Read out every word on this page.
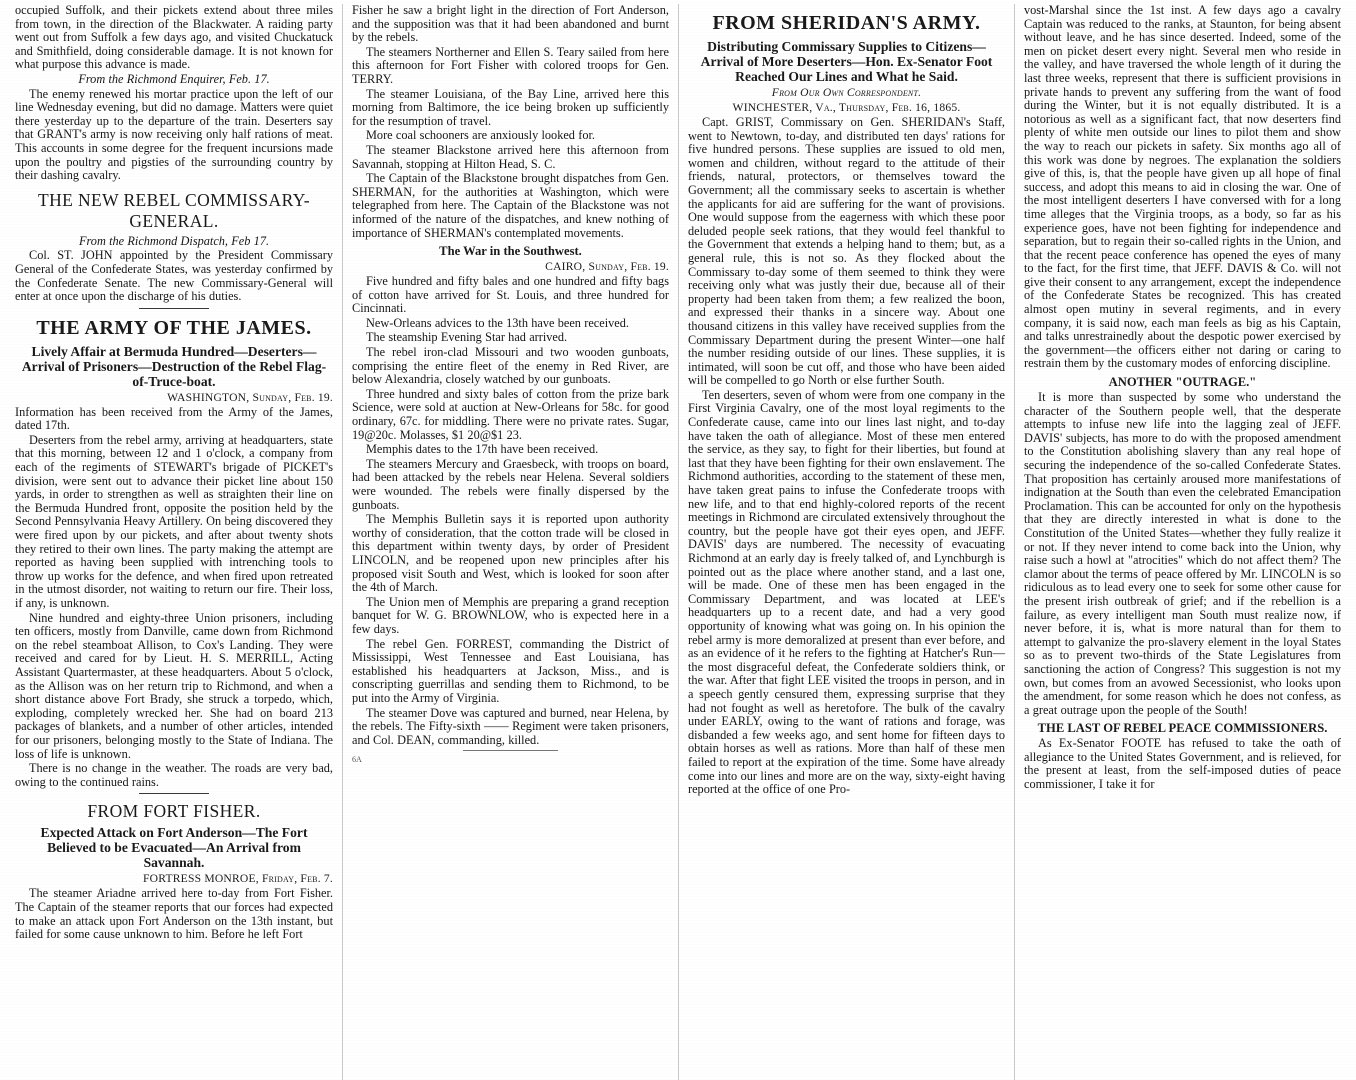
occupied Suffolk, and their pickets extend about three miles from town, in the direction of the Blackwater. A raiding party went out from Suffolk a few days ago, and visited Chuckatuck and Smithfield, doing considerable damage. It is not known for what purpose this advance is made.

From the Richmond Enquirer, Feb. 17.

The enemy renewed his mortar practice upon the left of our line Wednesday evening, but did no damage. Matters were quiet there yesterday up to the departure of the train. Deserters say that GRANT's army is now receiving only half rations of meat. This accounts in some degree for the frequent incursions made upon the poultry and pigsties of the surrounding country by their dashing cavalry.

THE NEW REBEL COMMISSARY-GENERAL.

From the Richmond Dispatch, Feb 17.

Col. ST. JOHN appointed by the President Commissary General of the Confederate States, was yesterday confirmed by the Confederate Senate. The new Commissary-General will enter at once upon the discharge of his duties.

THE ARMY OF THE JAMES.
Lively Affair at Bermuda Hundred—Deserters—Arrival of Prisoners—Destruction of the Rebel Flag-of-Truce-boat.

WASHINGTON, Sunday, Feb. 19.

Information has been received from the Army of the James, dated 17th.

Deserters from the rebel army, arriving at headquarters, state that this morning, between 12 and 1 o'clock, a company from each of the regiments of STEWART's brigade of PICKET's division, were sent out to advance their picket line about 150 yards, in order to strengthen as well as straighten their line on the Bermuda Hundred front, opposite the position held by the Second Pennsylvania Heavy Artillery. On being discovered they were fired upon by our pickets, and after about twenty shots they retired to their own lines. The party making the attempt are reported as having been supplied with intrenching tools to throw up works for the defence, and when fired upon retreated in the utmost disorder, not waiting to return our fire. Their loss, if any, is unknown.

Nine hundred and eighty-three Union prisoners, including ten officers, mostly from Danville, came down from Richmond on the rebel steamboat Allison, to Cox's Landing. They were received and cared for by Lieut. H. S. MERRILL, Acting Assistant Quartermaster, at these headquarters. About 5 o'clock, as the Allison was on her return trip to Richmond, and when a short distance above Fort Brady, she struck a torpedo, which, exploding, completely wrecked her. She had on board 213 packages of blankets, and a number of other articles, intended for our prisoners, belonging mostly to the State of Indiana. The loss of life is unknown.

There is no change in the weather. The roads are very bad, owing to the continued rains.

FROM FORT FISHER.
Expected Attack on Fort Anderson—The Fort Believed to be Evacuated—An Arrival from Savannah.

FORTRESS MONROE, Friday, Feb. 7.

The steamer Ariadne arrived here to-day from Fort Fisher. The Captain of the steamer reports that our forces had expected to make an attack upon Fort Anderson on the 13th instant, but failed for some cause unknown to him. Before he left Fort

Fisher he saw a bright light in the direction of Fort Anderson, and the supposition was that it had been abandoned and burnt by the rebels.

The steamers Northerner and Ellen S. Teary sailed from here this afternoon for Fort Fisher with colored troops for Gen. TERRY.

The steamer Louisiana, of the Bay Line, arrived here this morning from Baltimore, the ice being broken up sufficiently for the resumption of travel.

More coal schooners are anxiously looked for.

The steamer Blackstone arrived here this afternoon from Savannah, stopping at Hilton Head, S. C.

The Captain of the Blackstone brought dispatches from Gen. SHERMAN, for the authorities at Washington, which were telegraphed from here. The Captain of the Blackstone was not informed of the nature of the dispatches, and knew nothing of importance of SHERMAN's contemplated movements.

The War in the Southwest.

CAIRO, Sunday, Feb. 19.

Five hundred and fifty bales and one hundred and fifty bags of cotton have arrived for St. Louis, and three hundred for Cincinnati.

New-Orleans advices to the 13th have been received.

The steamship Evening Star had arrived.

The rebel iron-clad Missouri and two wooden gunboats, comprising the entire fleet of the enemy in Red River, are below Alexandria, closely watched by our gunboats.

Three hundred and sixty bales of cotton from the prize bark Science, were sold at auction at New-Orleans for 58c. for good ordinary, 67c. for middling. There were no private rates. Sugar, 19@20c. Molasses, $1 20@$1 23.

Memphis dates to the 17th have been received.

The steamers Mercury and Graesbeck, with troops on board, had been attacked by the rebels near Helena. Several soldiers were wounded. The rebels were finally dispersed by the gunboats.

The Memphis Bulletin says it is reported upon authority worthy of consideration, that the cotton trade will be closed in this department within twenty days, by order of President LINCOLN, and be reopened upon new principles after his proposed visit South and West, which is looked for soon after the 4th of March.

The Union men of Memphis are preparing a grand reception banquet for W. G. BROWNLOW, who is expected here in a few days.

The rebel Gen. FORREST, commanding the District of Mississippi, West Tennessee and East Louisiana, has established his headquarters at Jackson, Miss., and is conscripting guerrillas and sending them to Richmond, to be put into the Army of Virginia.

The steamer Dove was captured and burned, near Helena, by the rebels. The Fifty-sixth —— Regiment were taken prisoners, and Col. DEAN, commanding, killed.

6A
FROM SHERIDAN'S ARMY.
Distributing Commissary Supplies to Citizens—Arrival of More Deserters—Hon. Ex-Senator Foot Reached Our Lines and What he Said.

From Our Own Correspondent.

WINCHESTER, Va., Thursday, Feb. 16, 1865.

Capt. GRIST, Commissary on Gen. SHERIDAN's Staff, went to Newtown, to-day, and distributed ten days' rations for five hundred persons. These supplies are issued to old men, women and children, without regard to the attitude of their friends, natural, protectors, or themselves toward the Government; all the commissary seeks to ascertain is whether the applicants for aid are suffering for the want of provisions. One would suppose from the eagerness with which these poor deluded people seek rations, that they would feel thankful to the Government that extends a helping hand to them; but, as a general rule, this is not so. As they flocked about the Commissary to-day some of them seemed to think they were receiving only what was justly their due, because all of their property had been taken from them; a few realized the boon, and expressed their thanks in a sincere way. About one thousand citizens in this valley have received supplies from the Commissary Department during the present Winter—one half the number residing outside of our lines. These supplies, it is intimated, will soon be cut off, and those who have been aided will be compelled to go North or else further South.

Ten deserters, seven of whom were from one company in the First Virginia Cavalry, one of the most loyal regiments to the Confederate cause, came into our lines last night, and to-day have taken the oath of allegiance. Most of these men entered the service, as they say, to fight for their liberties, but found at last that they have been fighting for their own enslavement. The Richmond authorities, according to the statement of these men, have taken great pains to infuse the Confederate troops with new life, and to that end highly-colored reports of the recent meetings in Richmond are circulated extensively throughout the country, but the people have got their eyes open, and JEFF. DAVIS' days are numbered. The necessity of evacuating Richmond at an early day is freely talked of, and Lynchburgh is pointed out as the place where another stand, and a last one, will be made. One of these men has been engaged in the Commissary Department, and was located at LEE's headquarters up to a recent date, and had a very good opportunity of knowing what was going on. In his opinion the rebel army is more demoralized at present than ever before, and as an evidence of it he refers to the fighting at Hatcher's Run—the most disgraceful defeat, the Confederate soldiers think, or the war. After that fight LEE visited the troops in person, and in a speech gently censured them, expressing surprise that they had not fought as well as heretofore. The bulk of the cavalry under EARLY, owing to the want of rations and forage, was disbanded a few weeks ago, and sent home for fifteen days to obtain horses as well as rations. More than half of these men failed to report at the expiration of the time. Some have already come into our lines and more are on the way, sixty-eight having reported at the office of one Pro-

vost-Marshal since the 1st inst. A few days ago a cavalry Captain was reduced to the ranks, at Staunton, for being absent without leave, and he has since deserted. Indeed, some of the men on picket desert every night. Several men who reside in the valley, and have traversed the whole length of it during the last three weeks, represent that there is sufficient provisions in private hands to prevent any suffering from the want of food during the Winter, but it is not equally distributed. It is a notorious as well as a significant fact, that now deserters find plenty of white men outside our lines to pilot them and show the way to reach our pickets in safety. Six months ago all of this work was done by negroes. The explanation the soldiers give of this, is, that the people have given up all hope of final success, and adopt this means to aid in closing the war. One of the most intelligent deserters I have conversed with for a long time alleges that the Virginia troops, as a body, so far as his experience goes, have not been fighting for independence and separation, but to regain their so-called rights in the Union, and that the recent peace conference has opened the eyes of many to the fact, for the first time, that JEFF. DAVIS & Co. will not give their consent to any arrangement, except the independence of the Confederate States be recognized. This has created almost open mutiny in several regiments, and in every company, it is said now, each man feels as big as his Captain, and talks unrestrainedly about the despotic power exercised by the government—the officers either not daring or caring to restrain them by the customary modes of enforcing discipline.

ANOTHER "OUTRAGE."

It is more than suspected by some who understand the character of the Southern people well, that the desperate attempts to infuse new life into the lagging zeal of JEFF. DAVIS' subjects, has more to do with the proposed amendment to the Constitution abolishing slavery than any real hope of securing the independence of the so-called Confederate States. That proposition has certainly aroused more manifestations of indignation at the South than even the celebrated Emancipation Proclamation. This can be accounted for only on the hypothesis that they are directly interested in what is done to the Constitution of the United States—whether they fully realize it or not. If they never intend to come back into the Union, why raise such a howl at "atrocities" which do not affect them? The clamor about the terms of peace offered by Mr. LINCOLN is so ridiculous as to lead every one to seek for some other cause for the present irish outbreak of grief; and if the rebellion is a failure, as every intelligent man South must realize now, if never before, it is, what is more natural than for them to attempt to galvanize the pro-slavery element in the loyal States so as to prevent two-thirds of the State Legislatures from sanctioning the action of Congress? This suggestion is not my own, but comes from an avowed Secessionist, who looks upon the amendment, for some reason which he does not confess, as a great outrage upon the people of the South!

THE LAST OF REBEL PEACE COMMISSIONERS.

As Ex-Senator FOOTE has refused to take the oath of allegiance to the United States Government, and is relieved, for the present at least, from the self-imposed duties of peace commissioner, I take it for
